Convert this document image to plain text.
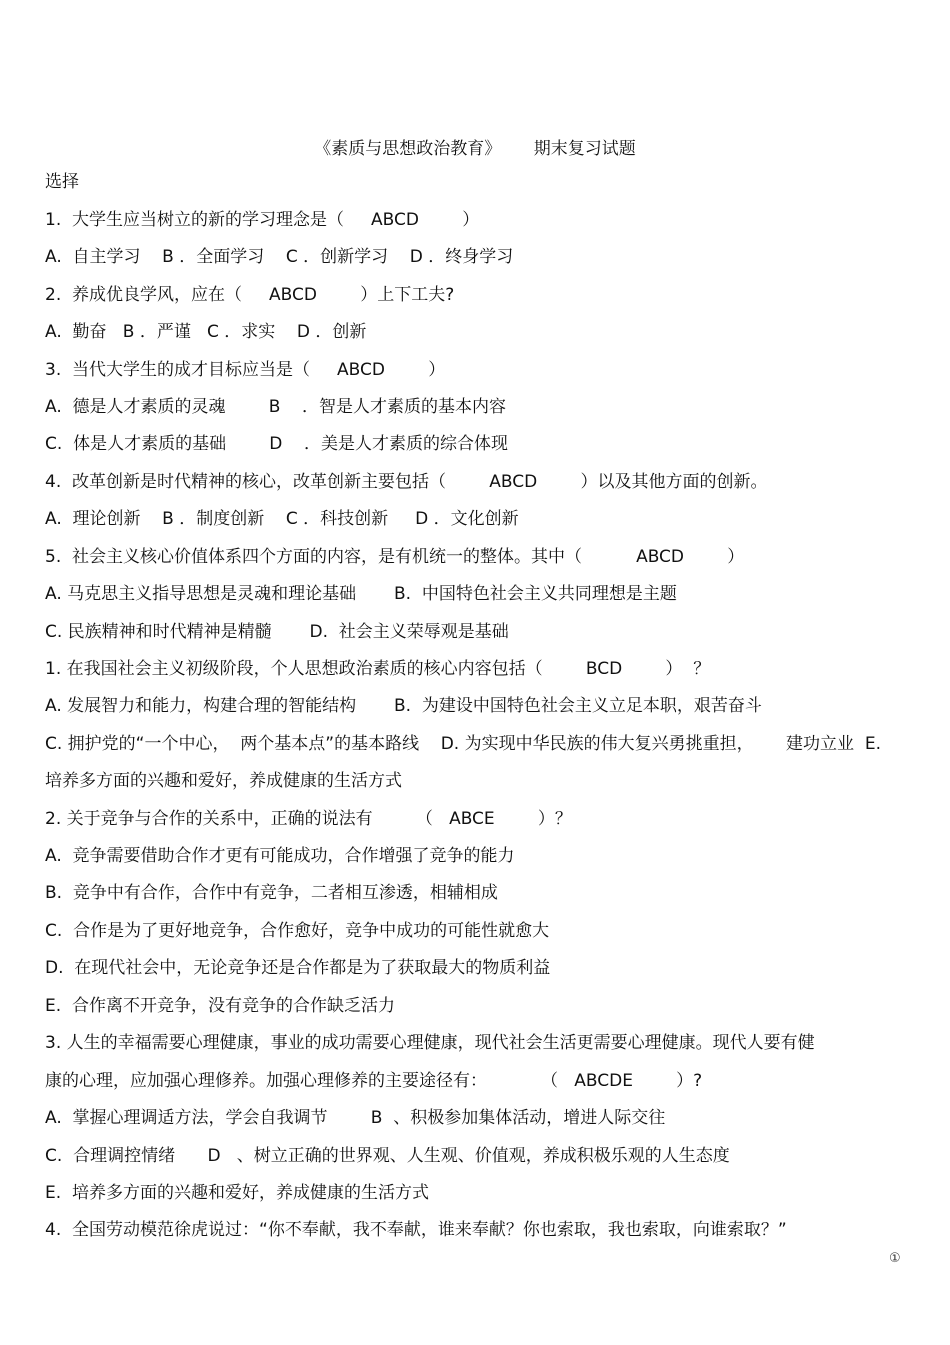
《素质与思想政治教育》      期末复习试题
选择
1.  大学生应当树立的新的学习理念是（     ABCD        ）
A.  自主学习    B ．全面学习    C ．创新学习    D ．终身学习
2.  养成优良学风，应在（     ABCD        ）上下工夫?
A.  勤奋   B ．严谨   C ．求实    D ．创新
3.  当代大学生的成才目标应当是（     ABCD        ）
A.  德是人才素质的灵魂        B    ．智是人才素质的基本内容
C.  体是人才素质的基础        D    ．美是人才素质的综合体现
4.  改革创新是时代精神的核心，改革创新主要包括（        ABCD        ）以及其他方面的创新。
A.  理论创新    B ．制度创新    C ．科技创新     D ．文化创新
5.  社会主义核心价值体系四个方面的内容，是有机统一的整体。其中（          ABCD        ）
A. 马克思主义指导思想是灵魂和理论基础       B.  中国特色社会主义共同理想是主题
C. 民族精神和时代精神是精髓       D.  社会主义荣辱观是基础
1. 在我国社会主义初级阶段，个人思想政治素质的核心内容包括（        BCD        ）  ？
A. 发展智力和能力，构建合理的智能结构       B.  为建设中国特色社会主义立足本职，艰苦奋斗
C. 拥护党的“一个中心，  两个基本点”的基本路线    D. 为实现中华民族的伟大复兴勇挑重担，      建功立业  E.
培养多方面的兴趣和爱好，养成健康的生活方式
2. 关于竞争与合作的关系中，正确的说法有        （   ABCE        ）？
A.  竞争需要借助合作才更有可能成功，合作增强了竞争的能力
B.  竞争中有合作，合作中有竞争，二者相互渗透，相辅相成
C.  合作是为了更好地竞争，合作愈好，竞争中成功的可能性就愈大
D.  在现代社会中，无论竞争还是合作都是为了获取最大的物质利益
E.  合作离不开竞争，没有竞争的合作缺乏活力
3. 人生的幸福需要心理健康，事业的成功需要心理健康，现代社会生活更需要心理健康。现代人要有健
康的心理，应加强心理修养。加强心理修养的主要途径有：          （   ABCDE        ）?
A.  掌握心理调适方法，学会自我调节        B  、积极参加集体活动，增进人际交往
C.  合理调控情绪      D   、树立正确的世界观、人生观、价值观，养成积极乐观的人生态度
E.  培养多方面的兴趣和爱好，养成健康的生活方式
4.  全国劳动模范徐虎说过：“你不奉献，我不奉献，谁来奉献？你也索取，我也索取，向谁索取？”
①
